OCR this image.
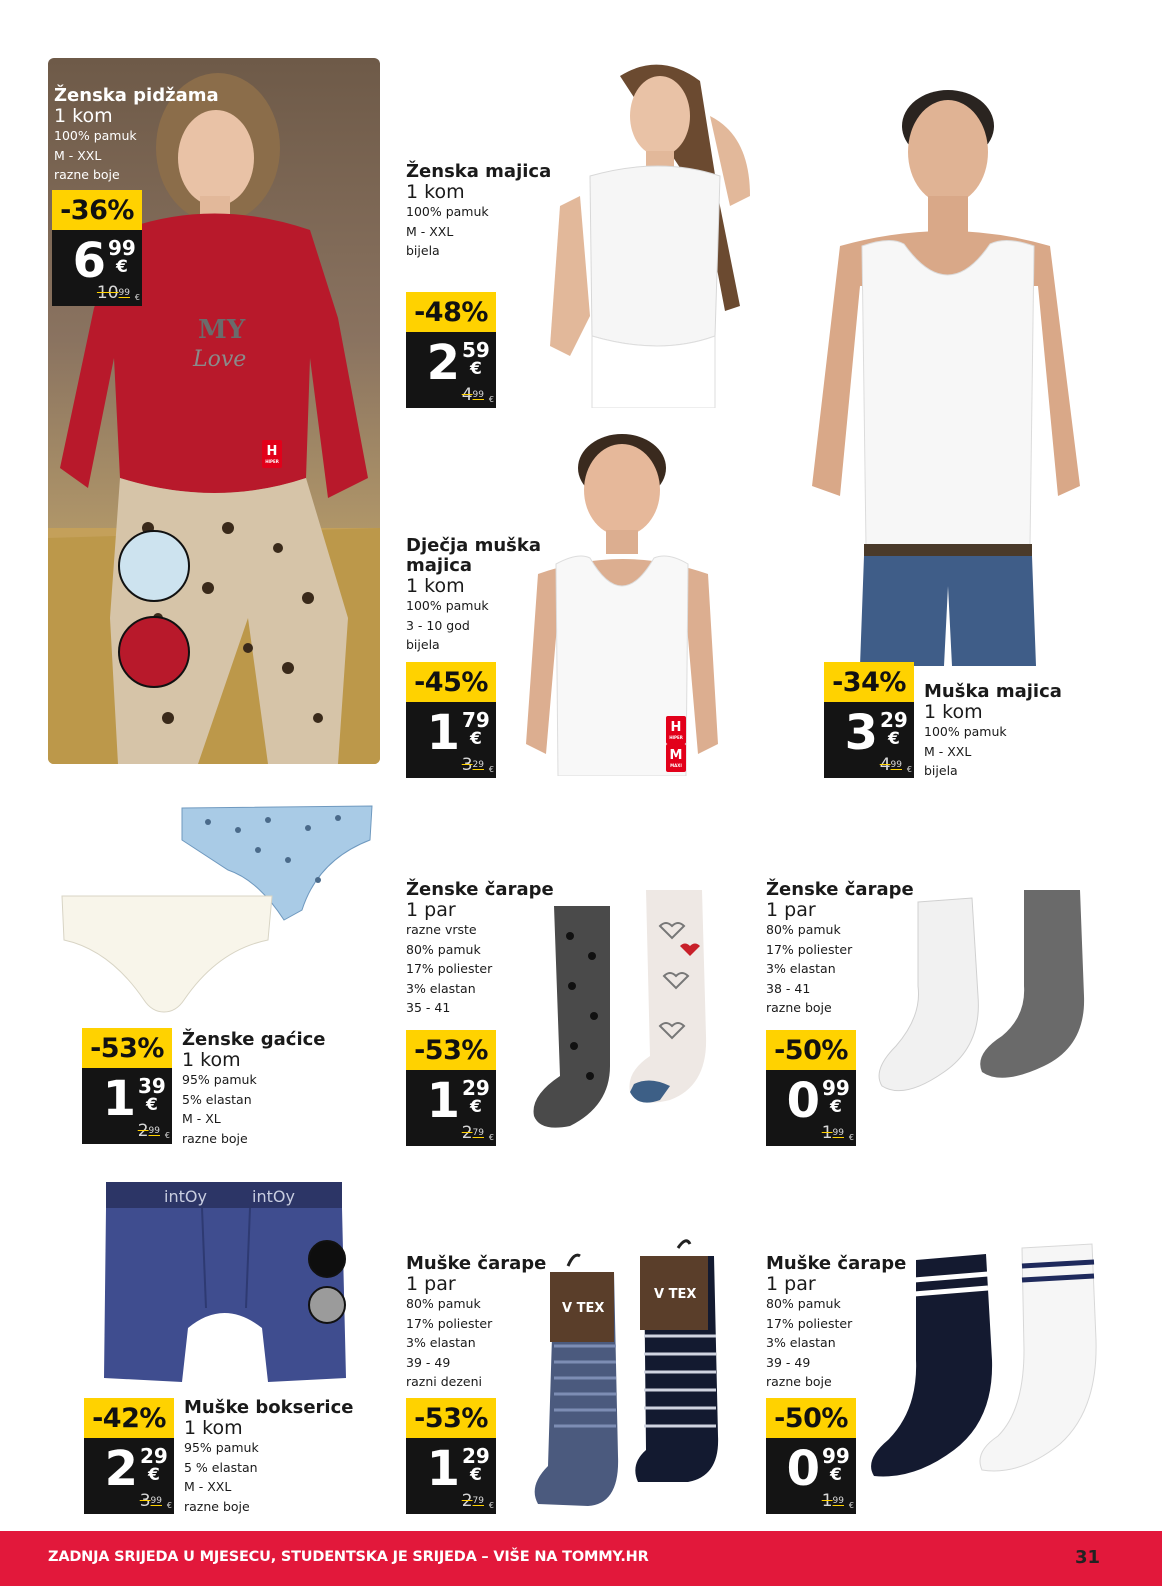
MY
Love
Ženska pidžama
1 kom
100% pamuk
M - XXL
razne boje
-36%
6 99
€
$10^{99}$ €
H
HIPER
Ženska majica
1 kom
100% pamuk
M - XXL
bijela
-48%
2 59
€
$4^{99}$ €
-34%
3 29
€
$4^{99}$ €
Muška majica
1 kom
100% pamuk
M - XXL
bijela
Dječja muška majica
1 kom
100% pamuk
3 - 10 god
bijela
-45%
1 79
€
$3^{29}$ €
H
HIPER
M
MAXI
-53%
1 39
€
$2^{99}$ €
Ženske gaćice
1 kom
95% pamuk
5% elastan
M - XL
razne boje
Ženske čarape
1 par
razne vrste
80% pamuk
17% poliester
3% elastan
35 - 41
-53%
1 29
€
$2^{79}$ €
Ženske čarape
1 par
80% pamuk
17% poliester
3% elastan
38 - 41
razne boje
-50%
0 99
€
$1^{99}$ €
intOy	intOy
-42%
2 29
€
$3^{99}$ €
Muške bokserice
1 kom
95% pamuk
5 % elastan
M - XXL
razne boje
Muške čarape
1 par
80% pamuk
17% poliester
3% elastan
39 - 49
razni dezeni
V TEX
V TEX
-53%
1 29
€
$2^{79}$ €
Muške čarape
1 par
80% pamuk
17% poliester
3% elastan
39 - 49
razne boje
-50%
0 99
€
$1^{99}$ €
ZADNJA SRIJEDA U MJESECU, STUDENTSKA JE SRIJEDA – VIŠE NA TOMMY.HR	31
